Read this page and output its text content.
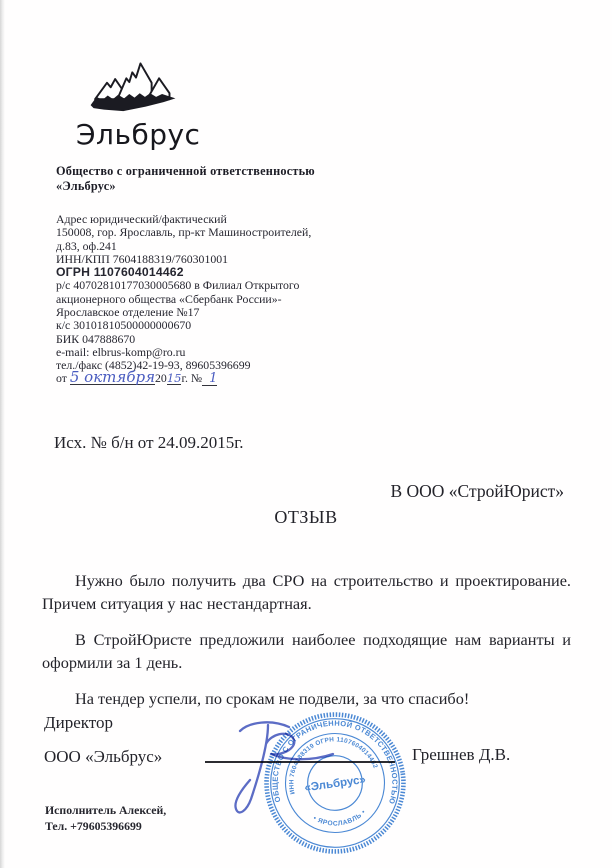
Эльбрус
Общество с ограниченной ответственностью
«Эльбрус»
Адрес юридический/фактический
150008, гор. Ярославль, пр-кт Машиностроителей,
д.83, оф.241
ИНН/КПП 7604188319/760301001
ОГРН 1107604014462
р/с 40702810177030005680 в Филиал Открытого
акционерного общества «Сбербанк России»-
Ярославское отделение №17
к/с 30101810500000000670
БИК 047888670
e-mail: elbrus-komp@ro.ru
тел./факс (4852)42-19-93, 89605396699
от 5 октября2015г. № 1
Исх. № б/н от 24.09.2015г.
В ООО «СтройЮрист»
ОТЗЫВ

Нужно было получить два СРО на строительство и проектирование. Причем ситуация у нас нестандартная.

В СтройЮристе предложили наиболее подходящие нам варианты и оформили за 1 день.

На тендер успели, по срокам не подвели, за что спасибо!

Директор
ООО «Эльбрус»	Грешнев Д.В.
ОБЩЕСТВО С ОГРАНИЧЕННОЙ ОТВЕТСТВЕННОСТЬЮ
ИНН 7604188319 ОГРН 1107604014462
• ЯРОСЛАВЛЬ •
«Эльбрус»
Исполнитель Алексей,
Тел. +79605396699
